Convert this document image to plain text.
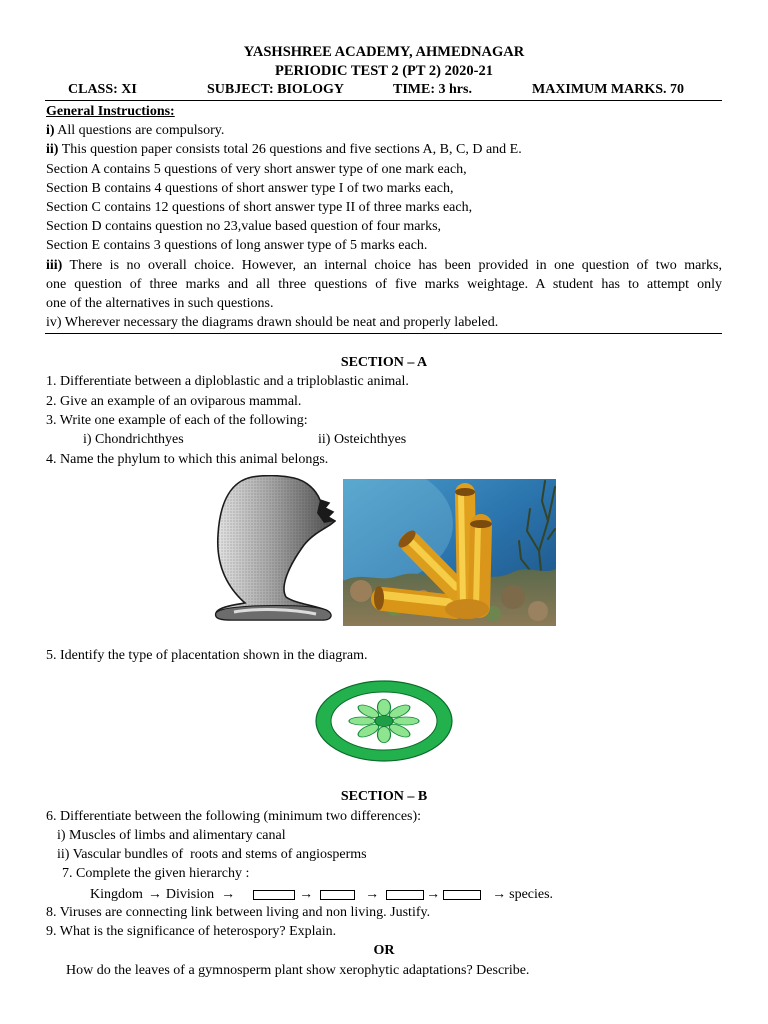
YASHSHREE ACADEMY, AHMEDNAGAR
PERIODIC TEST 2 (PT 2) 2020-21
CLASS: XI	SUBJECT: BIOLOGY	TIME: 3 hrs.	MAXIMUM MARKS. 70
General Instructions:
i) All questions are compulsory.
ii) This question paper consists total 26 questions and five sections A, B, C, D and E.
Section A contains 5 questions of very short answer type of one mark each,
Section B contains 4 questions of short answer type I of two marks each,
Section C contains 12 questions of short answer type II of three marks each,
Section D contains question no 23,value based question of four marks,
Section E contains 3 questions of long answer type of 5 marks each.
iii) There is no overall choice. However, an internal choice has been provided in one question of two marks,
one question of three marks and all three questions of five marks weightage. A student has to attempt only
one of the alternatives in such questions.
iv) Wherever necessary the diagrams drawn should be neat and properly labeled.
SECTION – A
1. Differentiate between a diploblastic and a triploblastic animal.
2. Give an example of an oviparous mammal.
3. Write one example of each of the following:
i) Chondrichthyes	ii) Osteichthyes
4. Name the phylum to which this animal belongs.
5. Identify the type of placentation shown in the diagram.
SECTION – B
6. Differentiate between the following (minimum two differences):
i) Muscles of limbs and alimentary canal
ii) Vascular bundles of  roots and stems of angiosperms
7. Complete the given hierarchy :
Kingdom → Division →	→	→	→	→ species.
8. Viruses are connecting link between living and non living. Justify.
9. What is the significance of heterospory? Explain.
OR
How do the leaves of a gymnosperm plant show xerophytic adaptations? Describe.
